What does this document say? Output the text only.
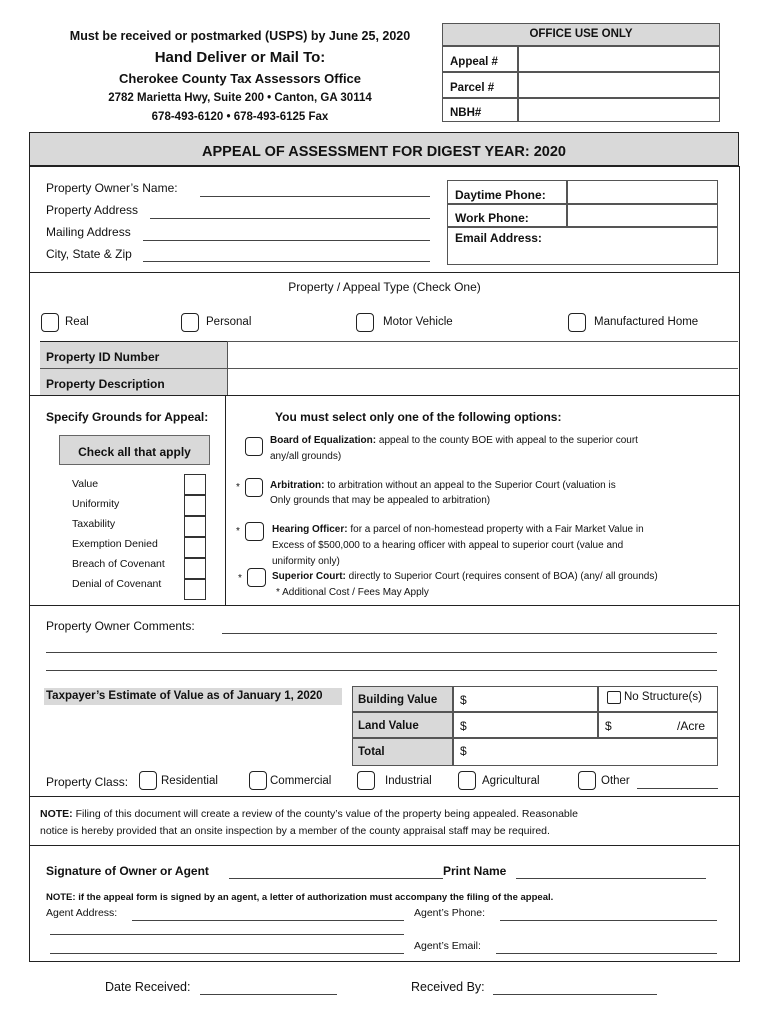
Must be received or postmarked (USPS) by June 25, 2020
Hand Deliver or Mail To:
Cherokee County Tax Assessors Office
2782 Marietta Hwy, Suite 200 • Canton, GA 30114
678-493-6120 • 678-493-6125 Fax
OFFICE USE ONLY
Appeal #
Parcel #
NBH#
APPEAL OF ASSESSMENT FOR DIGEST YEAR: 2020
Property Owner’s Name:
Property Address
Mailing Address
City, State & Zip
Daytime Phone:
Work Phone:
Email Address:
Property / Appeal Type (Check One)
Real	Personal	Motor Vehicle	Manufactured Home
Property ID Number
Property Description
Specify Grounds for Appeal:
Check all that apply
Value
Uniformity
Taxability
Exemption Denied
Breach of Covenant
Denial of Covenant
You must select only one of the following options:
Board of Equalization: appeal to the county BOE with appeal to the superior court
any/all grounds)
*	Arbitration: to arbitration without an appeal to the Superior Court (valuation is
Only grounds that may be appealed to arbitration)
*	Hearing Officer: for a parcel of non-homestead property with a Fair Market Value in
Excess of $500,000 to a hearing officer with appeal to superior court (value and
uniformity only)
*	Superior Court: directly to Superior Court (requires consent of BOA) (any/ all grounds)
* Additional Cost / Fees May Apply
Property Owner Comments:
Taxpayer’s Estimate of Value as of January 1, 2020	Building Value	$	No Structure(s)
Land Value	$	$	/Acre
Total	$
Property Class:	Residential	Commercial	Industrial	Agricultural	Other
NOTE: Filing of this document will create a review of the county’s value of the property being appealed. Reasonable
notice is hereby provided that an onsite inspection by a member of the county appraisal staff may be required.
Signature of Owner or Agent	Print Name
NOTE: if the appeal form is signed by an agent, a letter of authorization must accompany the filing of the appeal.
Agent Address:	Agent’s Phone:
Agent’s Email:
Date Received:	Received By:
